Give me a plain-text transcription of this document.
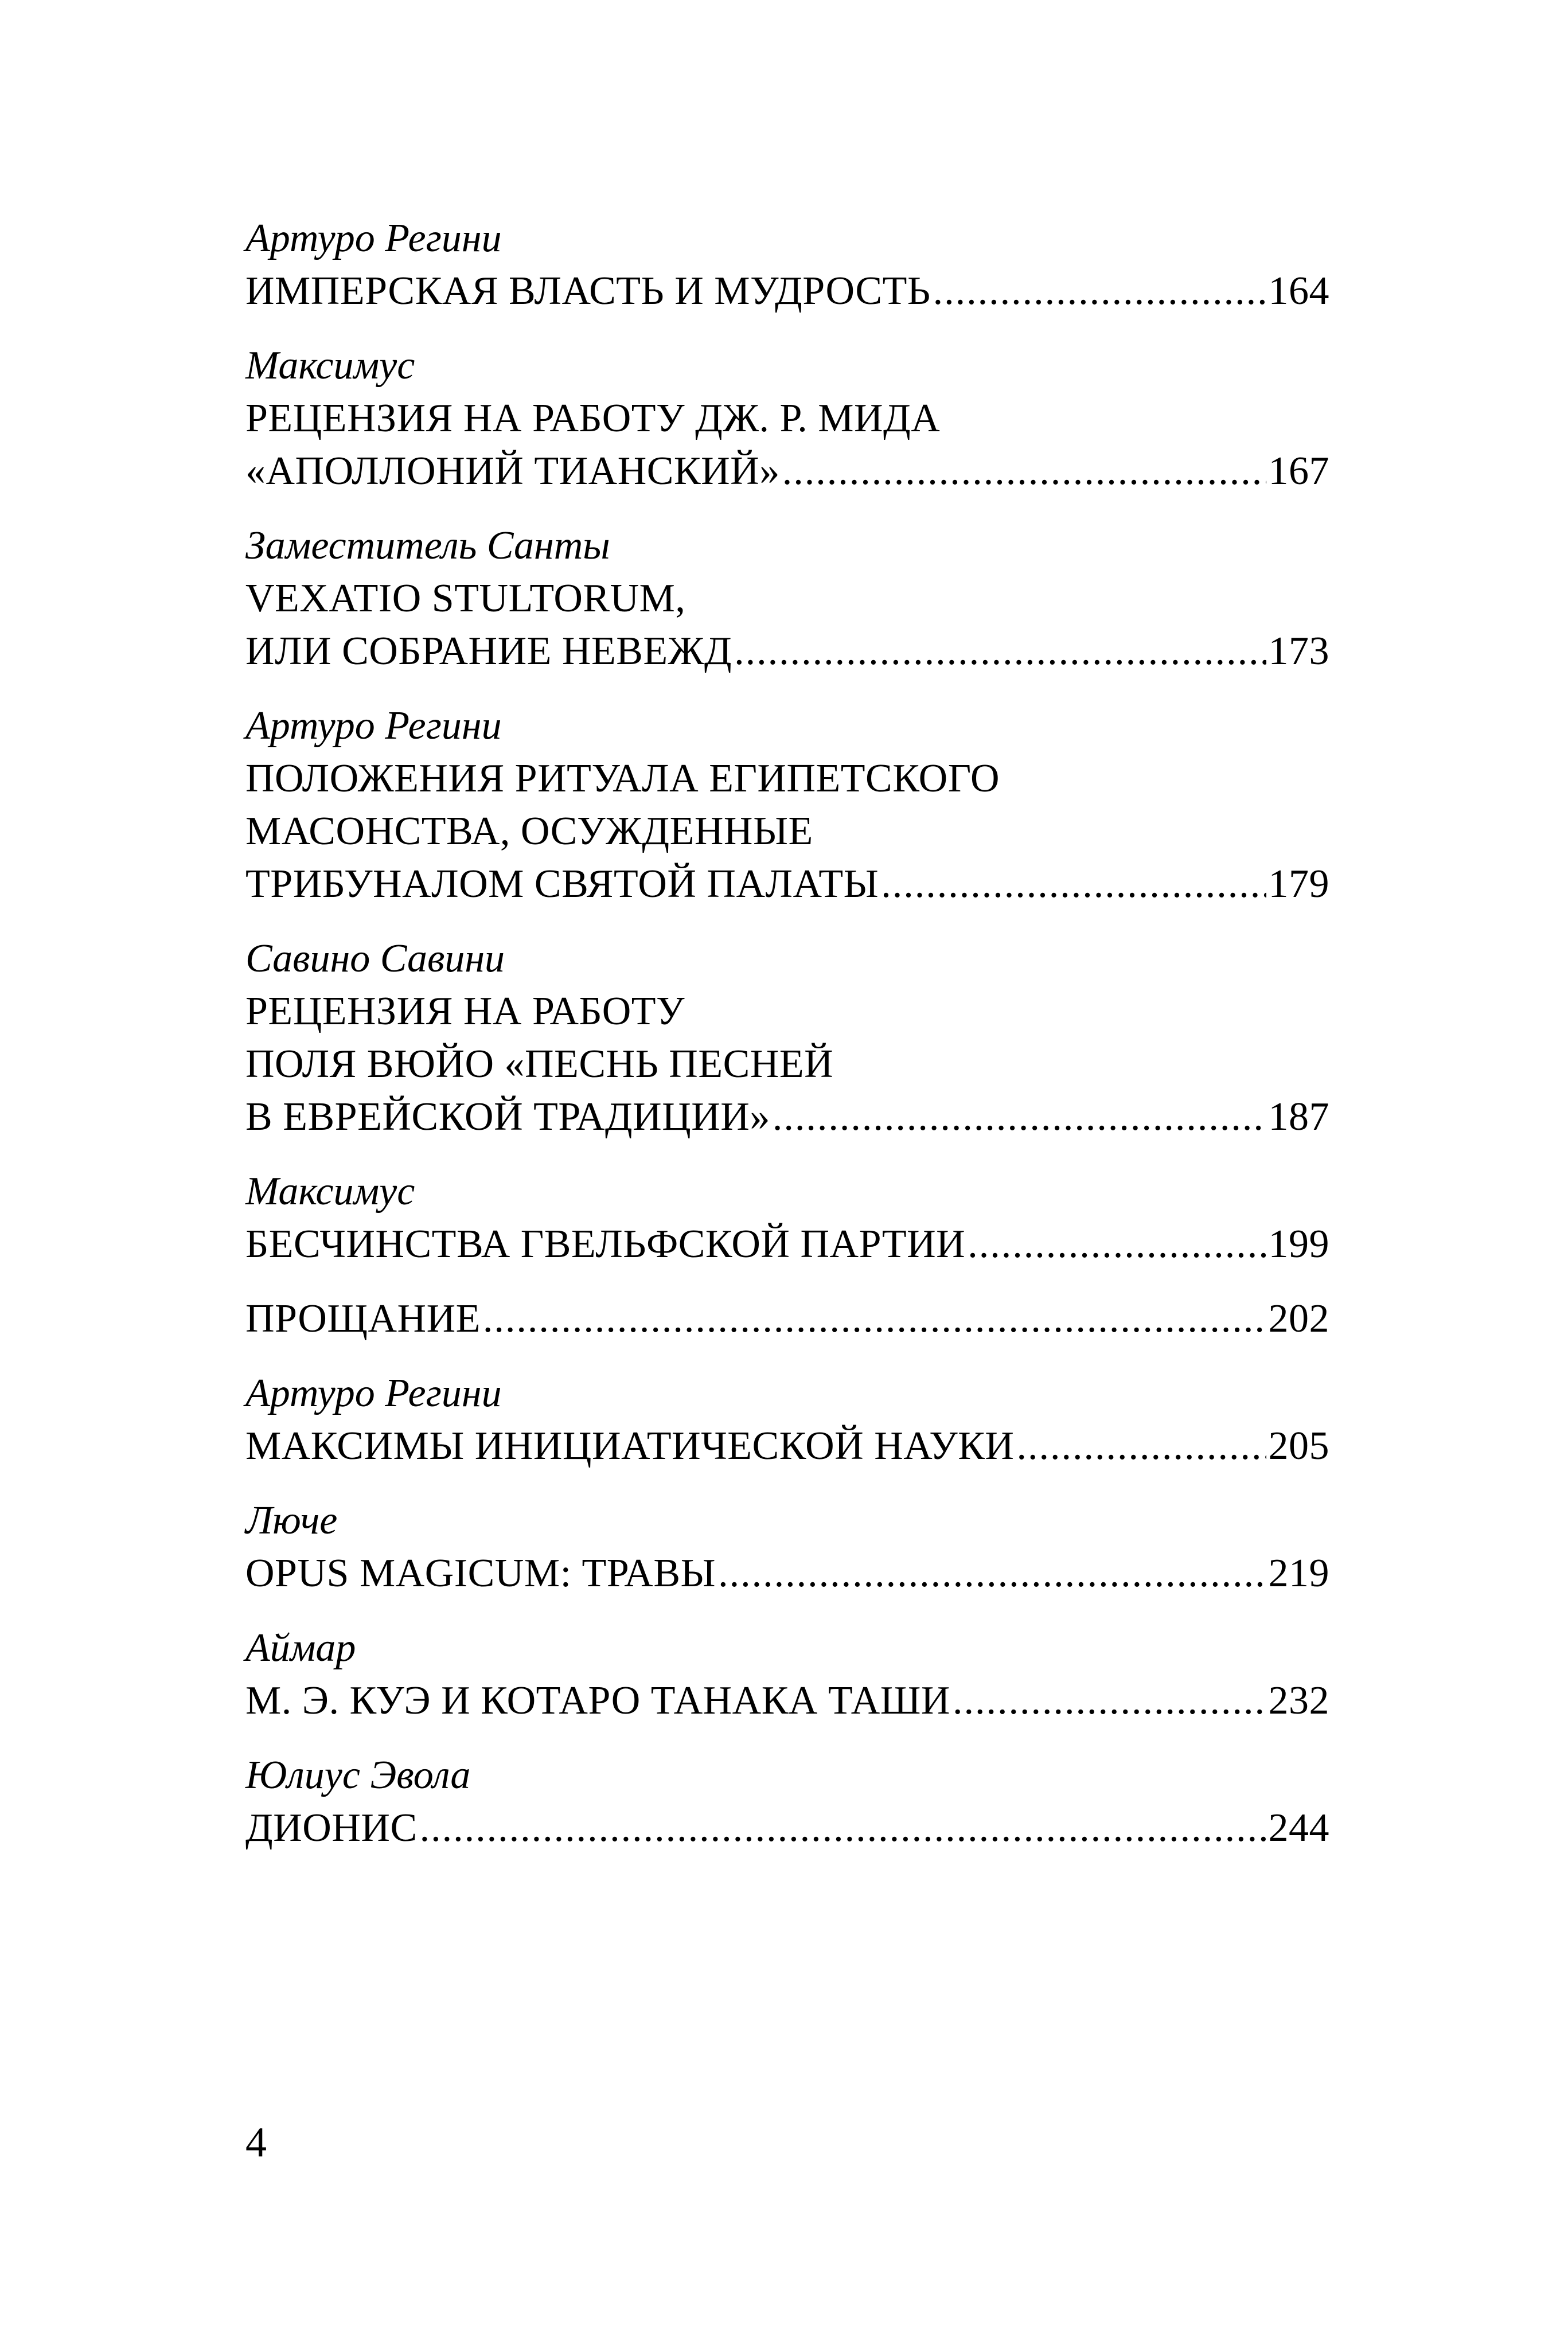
Артуро Регини
ИМПЕРСКАЯ ВЛАСТЬ И МУДРОСТЬ .....	164
Максимус
РЕЦЕНЗИЯ НА РАБОТУ ДЖ. Р. МИДА
«АПОЛЛОНИЙ ТИАНСКИЙ» .....	167
Заместитель Санты
VEXATIO STULTORUM,
ИЛИ СОБРАНИЕ НЕВЕЖД .....	173
Артуро Регини
ПОЛОЖЕНИЯ РИТУАЛА ЕГИПЕТСКОГО
МАСОНСТВА, ОСУЖДЕННЫЕ
ТРИБУНАЛОМ СВЯТОЙ ПАЛАТЫ .....	179
Савино Савини
РЕЦЕНЗИЯ НА РАБОТУ
ПОЛЯ ВЮЙО «ПЕСНЬ ПЕСНЕЙ
В ЕВРЕЙСКОЙ ТРАДИЦИИ» .....	187
Максимус
БЕСЧИНСТВА ГВЕЛЬФСКОЙ ПАРТИИ .....	199
ПРОЩАНИЕ .....	202
Артуро Регини
МАКСИМЫ ИНИЦИАТИЧЕСКОЙ НАУКИ .....	205
Люче
OPUS MAGICUM: ТРАВЫ .....	219
Аймар
М. Э. КУЭ И КОТАРО ТАНАКА ТАШИ .....	232
Юлиус Эвола
ДИОНИС .....	244
4
